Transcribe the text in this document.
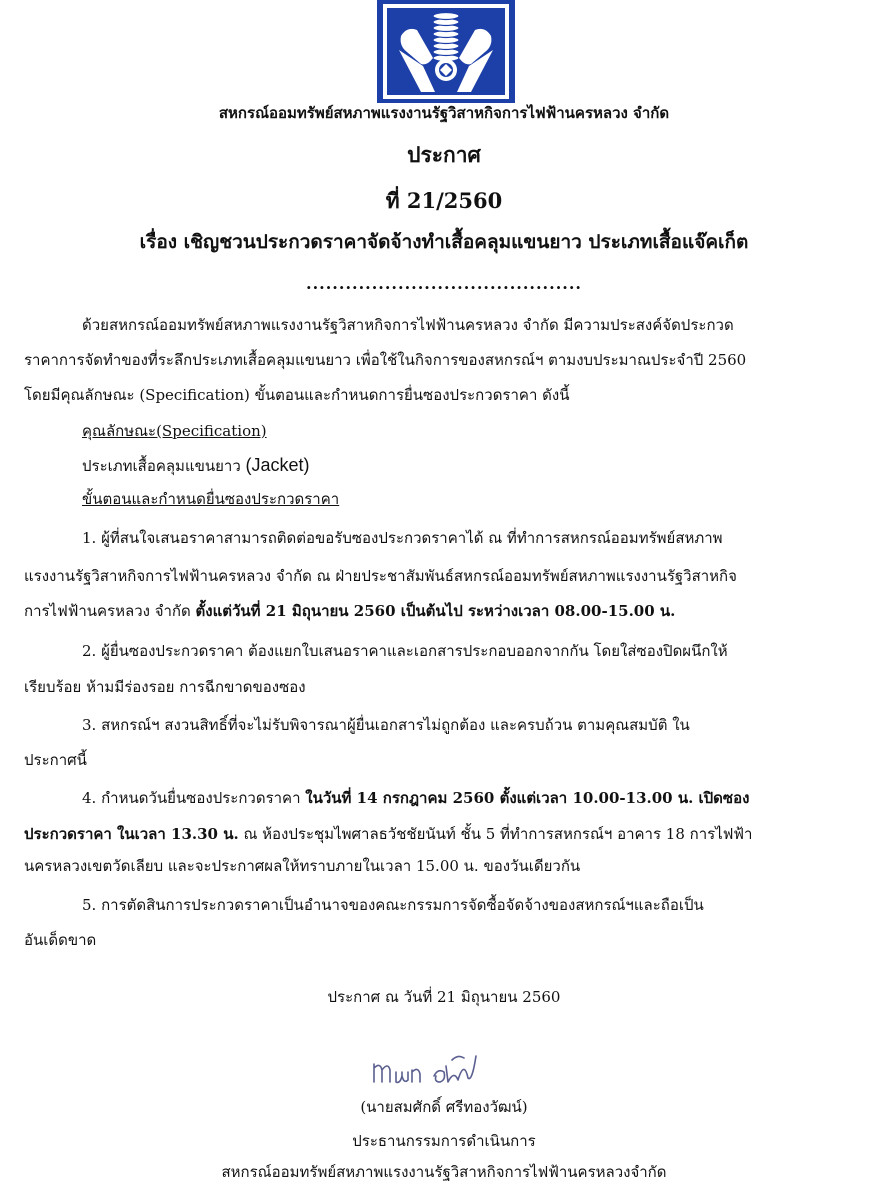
สหกรณ์ออมทรัพย์สหภาพแรงงานรัฐวิสาหกิจการไฟฟ้านครหลวง จำกัด
ประกาศ
ที่ 21/2560
เรื่อง เชิญชวนประกวดราคาจัดจ้างทำเสื้อคลุมแขนยาว ประเภทเสื้อแจ๊คเก็ต
..........................................
ด้วยสหกรณ์ออมทรัพย์สหภาพแรงงานรัฐวิสาหกิจการไฟฟ้านครหลวง จำกัด มีความประสงค์จัดประกวด
ราคาการจัดทำของที่ระลึกประเภทเสื้อคลุมแขนยาว เพื่อใช้ในกิจการของสหกรณ์ฯ ตามงบประมาณประจำปี 2560
โดยมีคุณลักษณะ (Specification) ขั้นตอนและกำหนดการยื่นซองประกวดราคา ดังนี้
คุณลักษณะ(Specification)
ประเภทเสื้อคลุมแขนยาว (Jacket)
ขั้นตอนและกำหนดยื่นซองประกวดราคา
1. ผู้ที่สนใจเสนอราคาสามารถติดต่อขอรับซองประกวดราคาได้ ณ ที่ทำการสหกรณ์ออมทรัพย์สหภาพ
แรงงานรัฐวิสาหกิจการไฟฟ้านครหลวง จำกัด ณ ฝ่ายประชาสัมพันธ์สหกรณ์ออมทรัพย์สหภาพแรงงานรัฐวิสาหกิจ
การไฟฟ้านครหลวง จำกัด ตั้งแต่วันที่ 21 มิถุนายน 2560 เป็นต้นไป ระหว่างเวลา 08.00-15.00 น.
2. ผู้ยื่นซองประกวดราคา ต้องแยกใบเสนอราคาและเอกสารประกอบออกจากกัน โดยใส่ซองปิดผนึกให้
เรียบร้อย ห้ามมีร่องรอย การฉีกขาดของซอง
3. สหกรณ์ฯ สงวนสิทธิ์ที่จะไม่รับพิจารณาผู้ยื่นเอกสารไม่ถูกต้อง และครบถ้วน ตามคุณสมบัติ ใน
ประกาศนี้
4. กำหนดวันยื่นซองประกวดราคา ในวันที่ 14 กรกฎาคม 2560 ตั้งแต่เวลา 10.00-13.00 น. เปิดซอง
ประกวดราคา ในเวลา 13.30 น. ณ ห้องประชุมไพศาลธวัชชัยนันท์ ชั้น 5 ที่ทำการสหกรณ์ฯ อาคาร 18 การไฟฟ้า
นครหลวงเขตวัดเลียบ และจะประกาศผลให้ทราบภายในเวลา 15.00 น. ของวันเดียวกัน
5. การตัดสินการประกวดราคาเป็นอำนาจของคณะกรรมการจัดซื้อจัดจ้างของสหกรณ์ฯและถือเป็น
อันเด็ดขาด
ประกาศ ณ วันที่ 21 มิถุนายน 2560
(นายสมศักดิ์ ศรีทองวัฒน์)
ประธานกรรมการดำเนินการ
สหกรณ์ออมทรัพย์สหภาพแรงงานรัฐวิสาหกิจการไฟฟ้านครหลวงจำกัด
